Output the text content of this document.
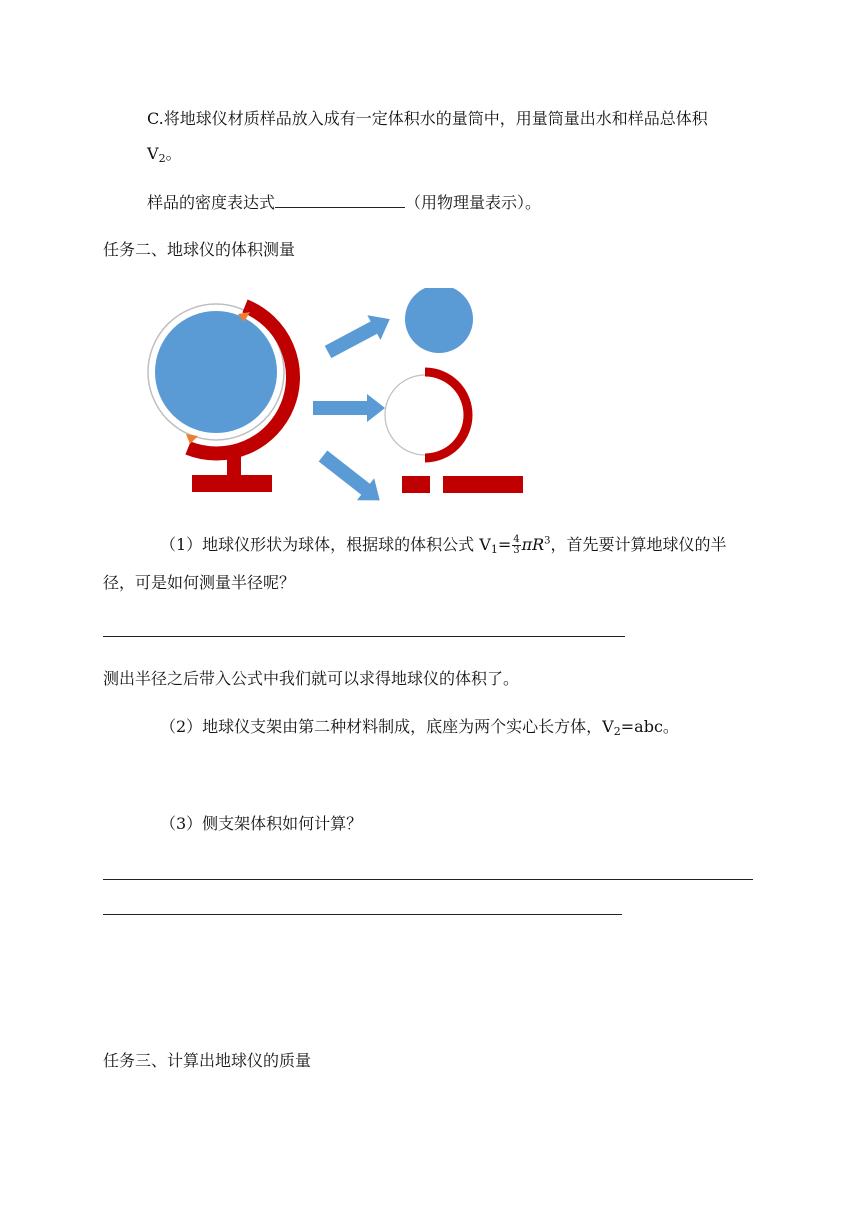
C.将地球仪材质样品放入成有一定体积水的量筒中，用量筒量出水和样品总体积
$V_2$。
样品的密度表达式	（用物理量表示）。
任务二、地球仪的体积测量
（1）地球仪形状为球体，根据球的体积公式 $V_1= \frac{4}{3} \pi R^3$，首先要计算地球仪的半
径，可是如何测量半径呢？
测出半径之后带入公式中我们就可以求得地球仪的体积了。
（2）地球仪支架由第二种材料制成，底座为两个实心长方体，$V_2=abc$。
（3）侧支架体积如何计算？
任务三、计算出地球仪的质量
